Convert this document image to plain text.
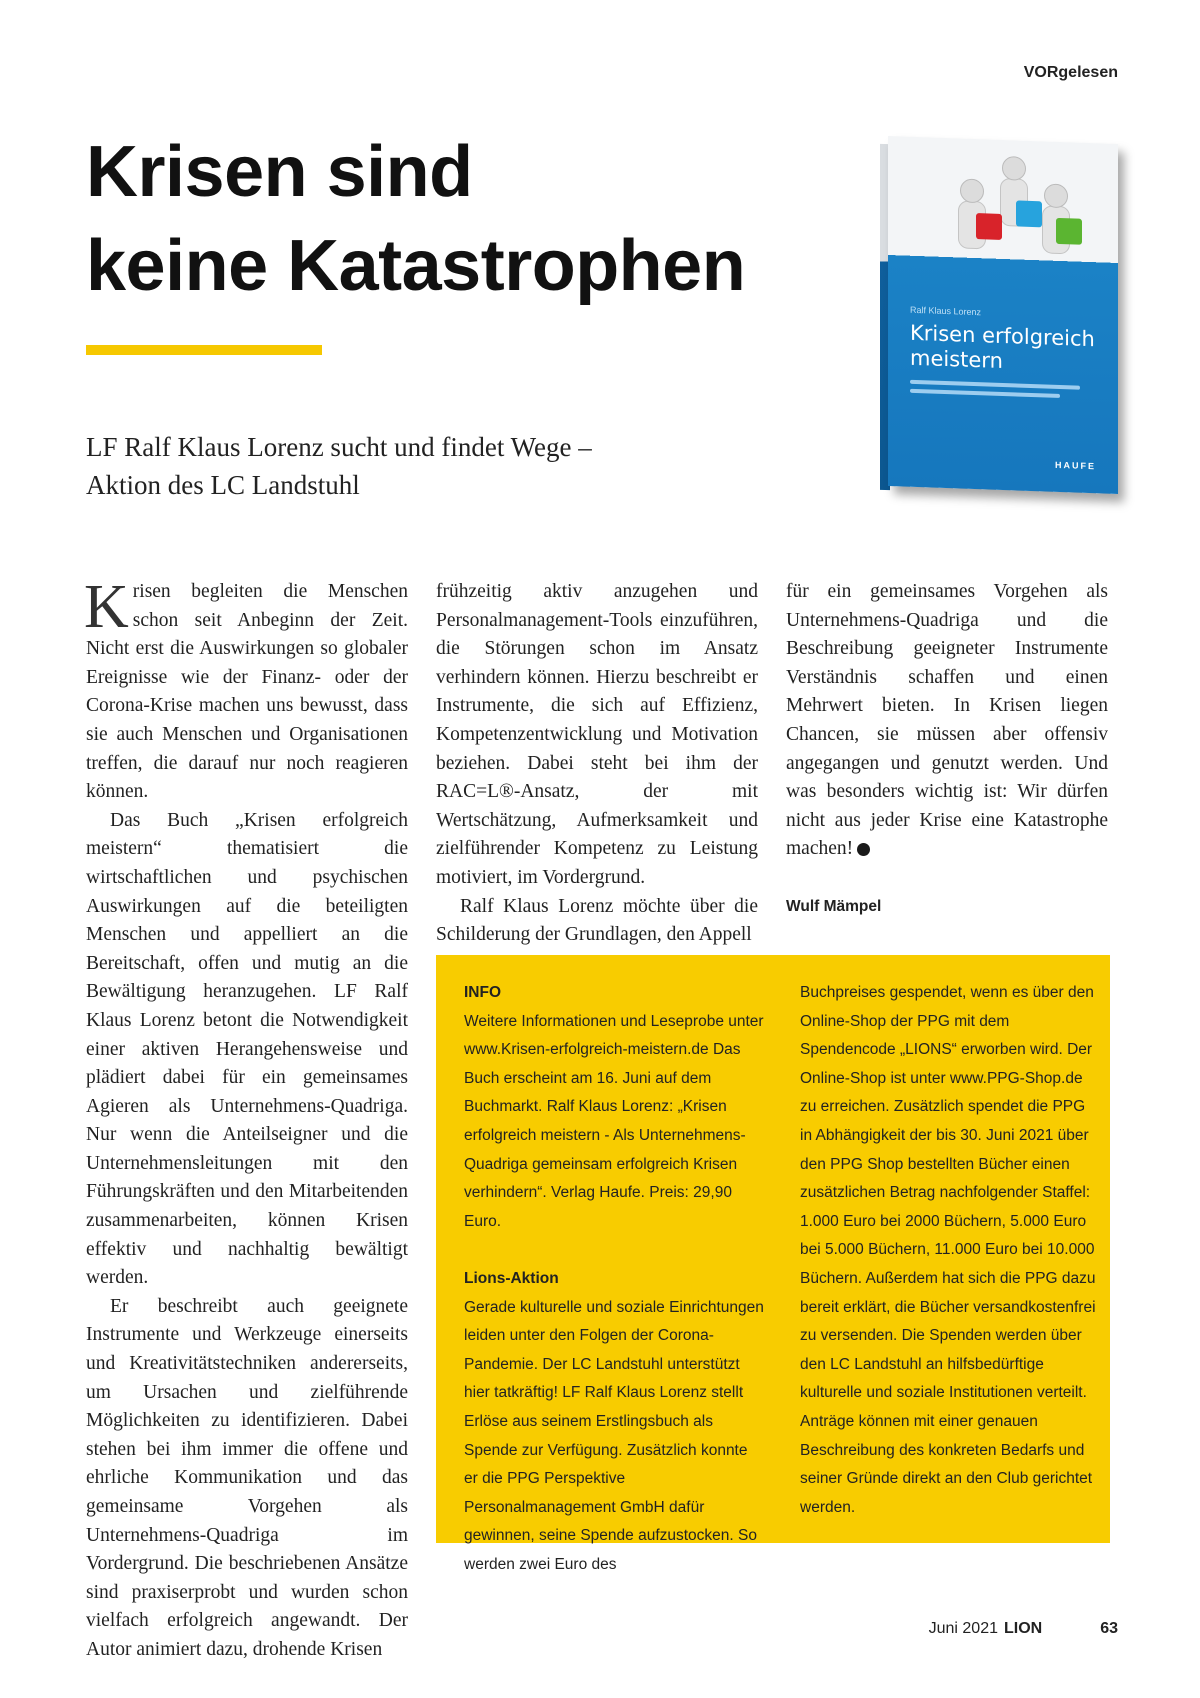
VORgelesen
Krisen sind
keine Katastrophen
LF Ralf Klaus Lorenz sucht und findet Wege –
Aktion des LC Landstuhl
Ralf Klaus Lorenz
Krisen erfolgreich meistern
HAUFE

Krisen begleiten die Menschen schon seit Anbeginn der Zeit. Nicht erst die Auswirkungen so globaler Ereignisse wie der Finanz- oder der Corona-Krise machen uns bewusst, dass sie auch Menschen und Organisationen treffen, die darauf nur noch reagieren können.

Das Buch „Krisen erfolgreich meistern“ thematisiert die wirtschaftlichen und psychischen Auswirkungen auf die beteiligten Menschen und appelliert an die Bereitschaft, offen und mutig an die Bewältigung heranzugehen. LF Ralf Klaus Lorenz betont die Notwendigkeit einer aktiven Herangehensweise und plädiert dabei für ein gemeinsames Agieren als Unternehmens-Quadriga. Nur wenn die Anteilseigner und die Unternehmensleitungen mit den Führungskräften und den Mitarbeitenden zusammenarbeiten, können Krisen effektiv und nachhaltig bewältigt werden.

Er beschreibt auch geeignete Instrumente und Werkzeuge einerseits und Kreativitätstechniken andererseits, um Ursachen und zielführende Möglichkeiten zu identifizieren. Dabei stehen bei ihm immer die offene und ehrliche Kommunikation und das gemeinsame Vorgehen als Unternehmens-Quadriga im Vordergrund. Die beschriebenen Ansätze sind praxiserprobt und wurden schon vielfach erfolgreich angewandt. Der Autor animiert dazu, drohende Krisen

frühzeitig aktiv anzugehen und Personalmanagement-Tools einzuführen, die Störungen schon im Ansatz verhindern können. Hierzu beschreibt er Instrumente, die sich auf Effizienz, Kompetenzentwicklung und Motivation beziehen. Dabei steht bei ihm der RAC=L®-Ansatz, der mit Wertschätzung, Aufmerksamkeit und zielführender Kompetenz zu Leistung motiviert, im Vordergrund.

Ralf Klaus Lorenz möchte über die Schilderung der Grundlagen, den Appell

für ein gemeinsames Vorgehen als Unternehmens-Quadriga und die Beschreibung geeigneter Instrumente Verständnis schaffen und einen Mehrwert bieten. In Krisen liegen Chancen, sie müssen aber offensiv angegangen und genutzt werden. Und was besonders wichtig ist: Wir dürfen nicht aus jeder Krise eine Katastrophe machen!

Wulf Mämpel
INFO

Weitere Informationen und Leseprobe unter www.Krisen-erfolgreich-meistern.de Das Buch erscheint am 16. Juni auf dem Buchmarkt. Ralf Klaus Lorenz: „Krisen erfolgreich meistern - Als Unternehmens-Quadriga gemeinsam erfolgreich Krisen verhindern“. Verlag Haufe. Preis: 29,90 Euro.

Lions-Aktion

Gerade kulturelle und soziale Einrichtungen leiden unter den Folgen der Corona-Pandemie. Der LC Landstuhl unterstützt hier tatkräftig! LF Ralf Klaus Lorenz stellt Erlöse aus seinem Erstlingsbuch als Spende zur Verfügung. Zusätzlich konnte er die PPG Perspektive Personalmanagement GmbH dafür gewinnen, seine Spende aufzustocken. So werden zwei Euro des

Buchpreises gespendet, wenn es über den Online-Shop der PPG mit dem Spendencode „LIONS“ erworben wird. Der Online-Shop ist unter www.PPG-Shop.de zu erreichen. Zusätzlich spendet die PPG in Abhängigkeit der bis 30. Juni 2021 über den PPG Shop bestellten Bücher einen zusätzlichen Betrag nachfolgender Staffel: 1.000 Euro bei 2000 Büchern, 5.000 Euro bei 5.000 Büchern, 11.000 Euro bei 10.000 Büchern. Außerdem hat sich die PPG dazu bereit erklärt, die Bücher versandkostenfrei zu versenden. Die Spenden werden über den LC Landstuhl an hilfsbedürftige kulturelle und soziale Institutionen verteilt. Anträge können mit einer genauen Beschreibung des konkreten Bedarfs und seiner Gründe direkt an den Club gerichtet werden.

Juni 2021 LION	63
